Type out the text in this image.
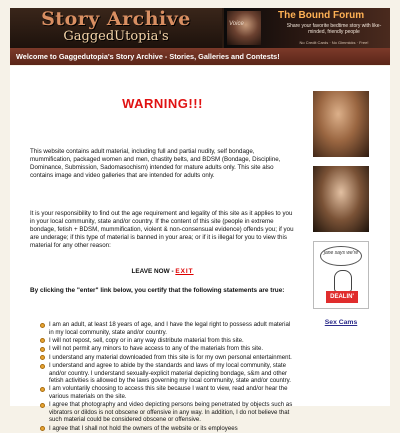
Story Archive
GaggedUtopia's
Voice
The Bound Forum
Share your favorite bedtime story with like-minded, friendly people
No Credit Cards · No Gimmicks · Free!
Welcome to Gaggedutopia's Story Archive - Stories, Galleries and Contests!
WARNING!!!

This website contains adult material, including full and partial nudity, self bondage, mummification, packaged women and men, chastity belts, and BDSM (Bondage, Discipline, Dominance, Submission, Sadomasochism) intended for mature adults only. This site also contains image and video galleries that are intended for adults only.

It is your responsibility to find out the age requirement and legality of this site as it applies to you in your local community, state and/or country. If the content of this site (people in extreme bondage, fetish + BDSM, mummification, violent & non-consensual evidence) offends you; if you are underage; if this type of material is banned in your area; or if it is illegal for you to view this material for any other reason:

LEAVE NOW - EXIT
By clicking the "enter" link below, you certify that the following statements are true:
I am an adult, at least 18 years of age, and I have the legal right to possess adult material in my local community, state and/or country.
I will not repost, sell, copy or in any way distribute material from this site.
I will not permit any minors to have access to any of the materials from this site.
I understand any material downloaded from this site is for my own personal entertainment.
I understand and agree to abide by the standards and laws of my local community, state and/or country. I understand sexually-explicit material depicting bondage, s&m and other fetish activities is allowed by the laws governing my local community, state and/or country.
I am voluntarily choosing to access this site because I want to view, read and/or hear the various materials on the site.
I agree that photography and video depicting persons being penetrated by objects such as vibrators or dildos is not obscene or offensive in any way. In addition, I do not believe that such material could be considered obscene or offensive.
I agree that I shall not hold the owners of the website or its employees
jane says we're
DEALIN'
Sex Cams
